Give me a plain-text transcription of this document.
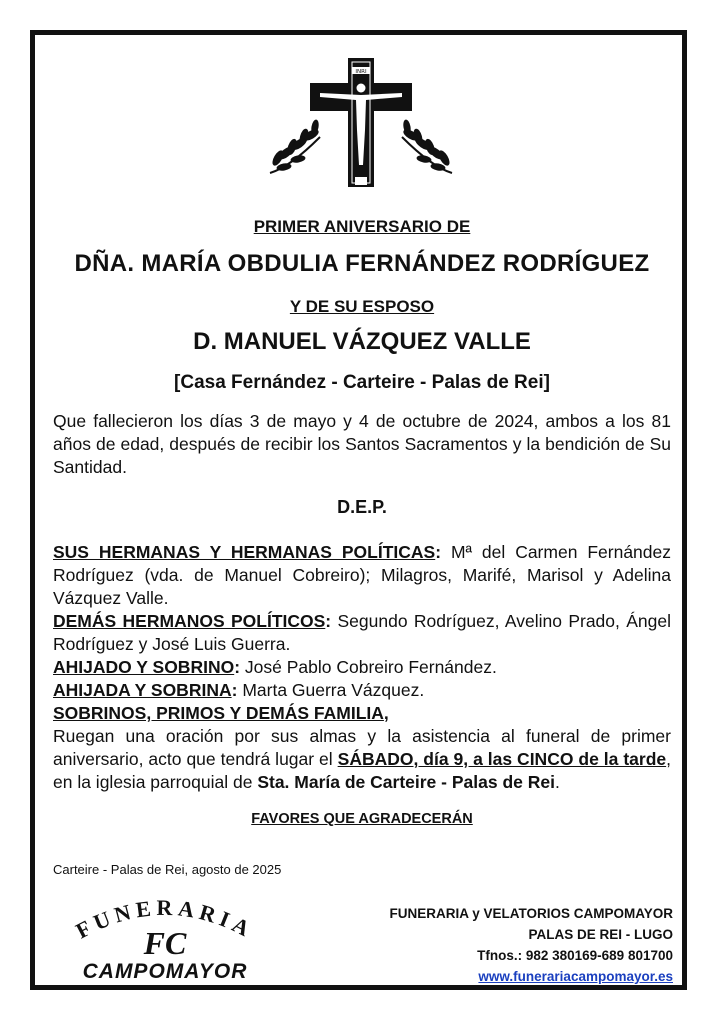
INRI
PRIMER ANIVERSARIO DE
DÑA. MARÍA OBDULIA FERNÁNDEZ RODRÍGUEZ
Y DE SU ESPOSO
D. MANUEL VÁZQUEZ VALLE
[Casa Fernández - Carteire - Palas de Rei]
Que fallecieron los días 3 de mayo y 4 de octubre de 2024, ambos a los 81 años de edad, después de recibir los Santos Sacramentos y la bendición de Su Santidad.
D.E.P.

SUS HERMANAS Y HERMANAS POLÍTICAS: Mª del Carmen Fernández Rodríguez (vda. de Manuel Cobreiro); Milagros, Marifé, Marisol y Adelina Vázquez Valle.

DEMÁS HERMANOS POLÍTICOS: Segundo Rodríguez, Avelino Prado, Ángel Rodríguez y José Luis Guerra.

AHIJADO Y SOBRINO: José Pablo Cobreiro Fernández.

AHIJADA Y SOBRINA: Marta Guerra Vázquez.

SOBRINOS, PRIMOS Y DEMÁS FAMILIA,

Ruegan una oración por sus almas y la asistencia al funeral de primer aniversario, acto que tendrá lugar el SÁBADO, día 9, a las CINCO de la tarde, en la iglesia parroquial de Sta. María de Carteire - Palas de Rei.

FAVORES QUE AGRADECERÁN
Carteire - Palas de Rei, agosto de 2025
FUNERARIA
FC
CAMPOMAYOR
FUNERARIA y VELATORIOS CAMPOMAYOR
PALAS DE REI - LUGO
Tfnos.: 982 380169-689 801700
www.funerariacampomayor.es
